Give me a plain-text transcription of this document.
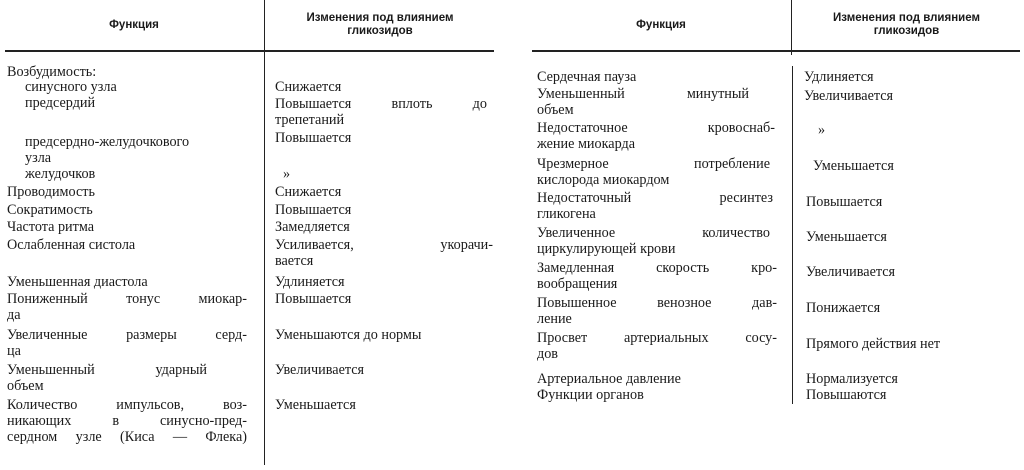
Функция
Изменения под влиянием
гликозидов

Возбудимость:

синусного узла

предсердий

предсердно-желудочкового

узла

желудочков

Проводимость

Сократимость

Частота ритма

Ослабленная систола

Уменьшенная диастола

Пониженный тонус миокар-

да

Увеличенные размеры серд-

ца

Уменьшенный ударный

объем

Количество импульсов, воз-

никающих в синусно-пред-

сердном узле (Киса — Флека)

Снижается

Повышается вплоть до

трепетаний

Повышается

»

Снижается

Повышается

Замедляется

Усиливается, укорачи-

вается

Удлиняется

Повышается

Уменьшаются до нормы

Увеличивается

Уменьшается

Функция
Изменения под влиянием
гликозидов

Сердечная пауза

Уменьшенный минутный

объем

Недостаточное кровоснаб-

жение миокарда

Чрезмерное потребление

кислорода миокардом

Недостаточный ресинтез

гликогена

Увеличенное количество

циркулирующей крови

Замедленная скорость кро-

вообращения

Повышенное венозное дав-

ление

Просвет артериальных сосу-

дов

Артериальное давление

Функции органов

Удлиняется

Увеличивается

»

Уменьшается

Повышается

Уменьшается

Увеличивается

Понижается

Прямого действия нет

Нормализуется

Повышаются
